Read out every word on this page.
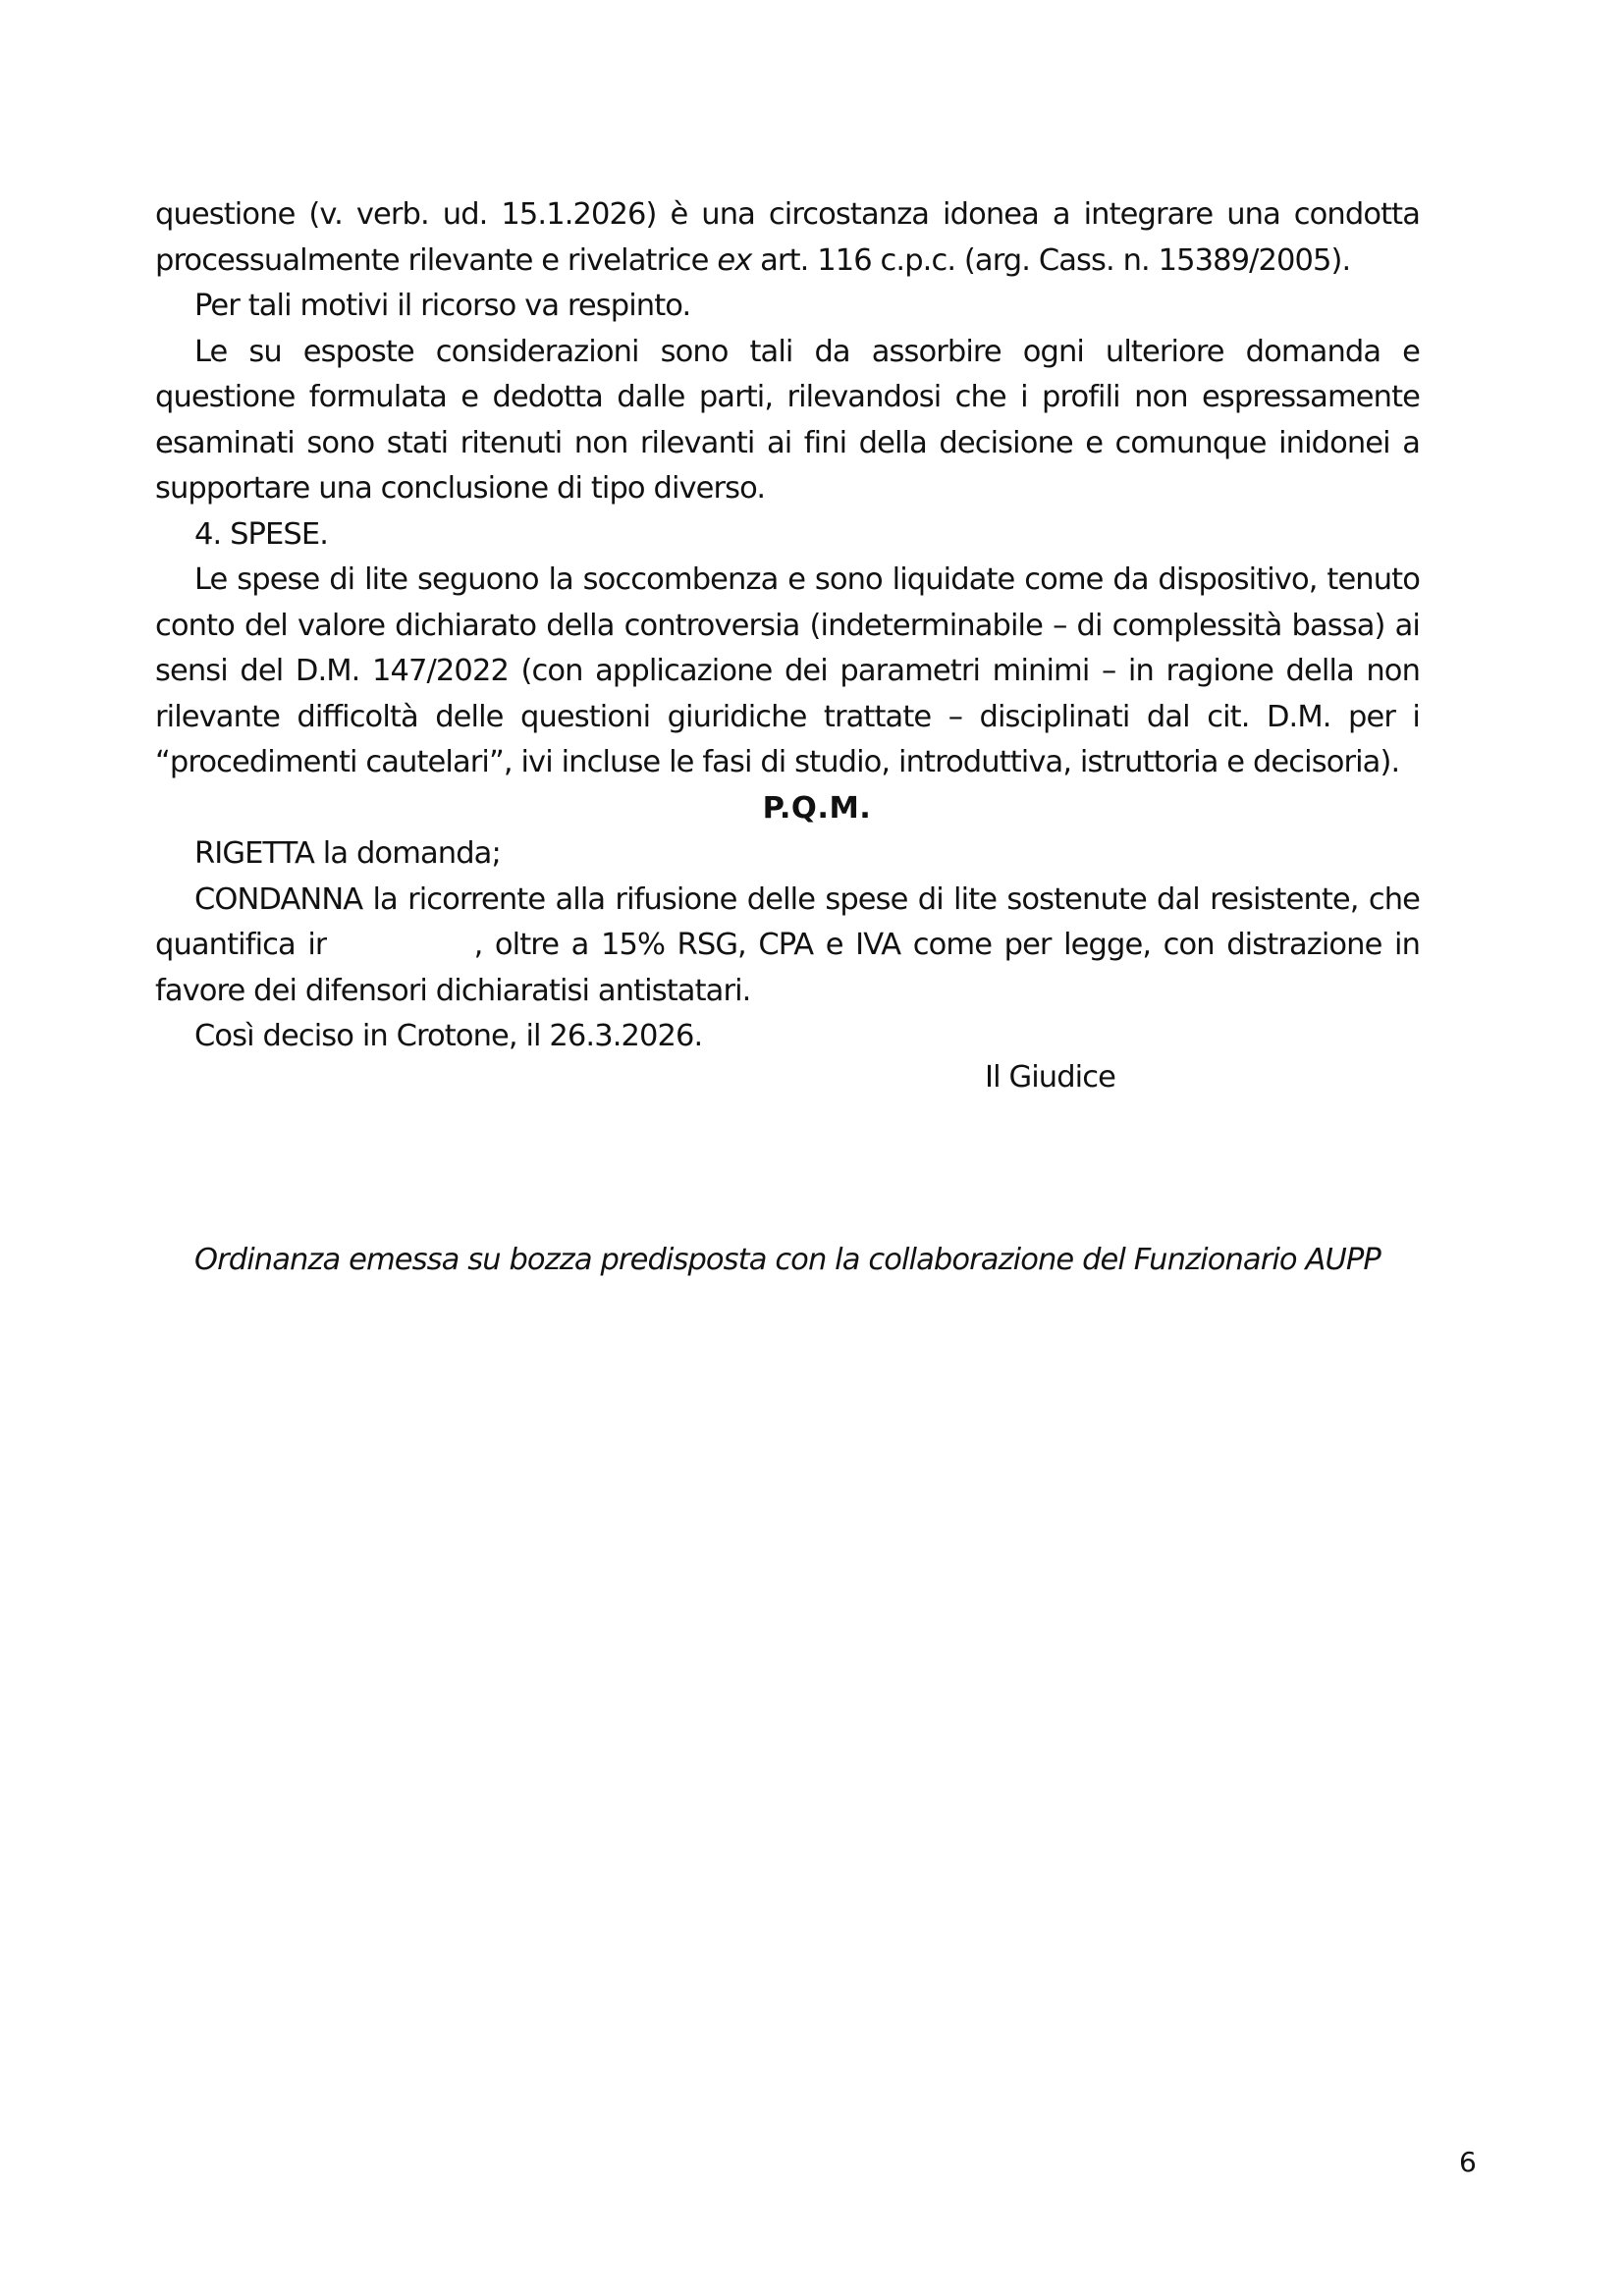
questione (v. verb. ud. 15.1.2026) è una circostanza idonea a integrare una condotta

processualmente rilevante e rivelatrice ex art. 116 c.p.c. (arg. Cass. n. 15389/2005).

Per tali motivi il ricorso va respinto.

Le su esposte considerazioni sono tali da assorbire ogni ulteriore domanda e questione formulata e dedotta dalle parti, rilevandosi che i profili non espressamente esaminati sono stati ritenuti non rilevanti ai fini della decisione e comunque inidonei a supportare una conclusione di tipo diverso.

4. SPESE.

Le spese di lite seguono la soccombenza e sono liquidate come da dispositivo, tenuto conto del valore dichiarato della controversia (indeterminabile – di complessità bassa) ai sensi del D.M. 147/2022 (con applicazione dei parametri minimi – in ragione della non rilevante difficoltà delle questioni giuridiche trattate – disciplinati dal cit. D.M. per i “procedimenti cautelari”, ivi incluse le fasi di studio, introduttiva, istruttoria e decisoria).

P.Q.M.

RIGETTA la domanda;

CONDANNA la ricorrente alla rifusione delle spese di lite sostenute dal resistente, che quantifica ir	, oltre a 15% RSG, CPA e IVA come per legge, con distrazione in favore dei difensori dichiaratisi antistatari.

Così deciso in Crotone, il 26.3.2026.

Il Giudice
Ordinanza emessa su bozza predisposta con la collaborazione del Funzionario AUPP
6
